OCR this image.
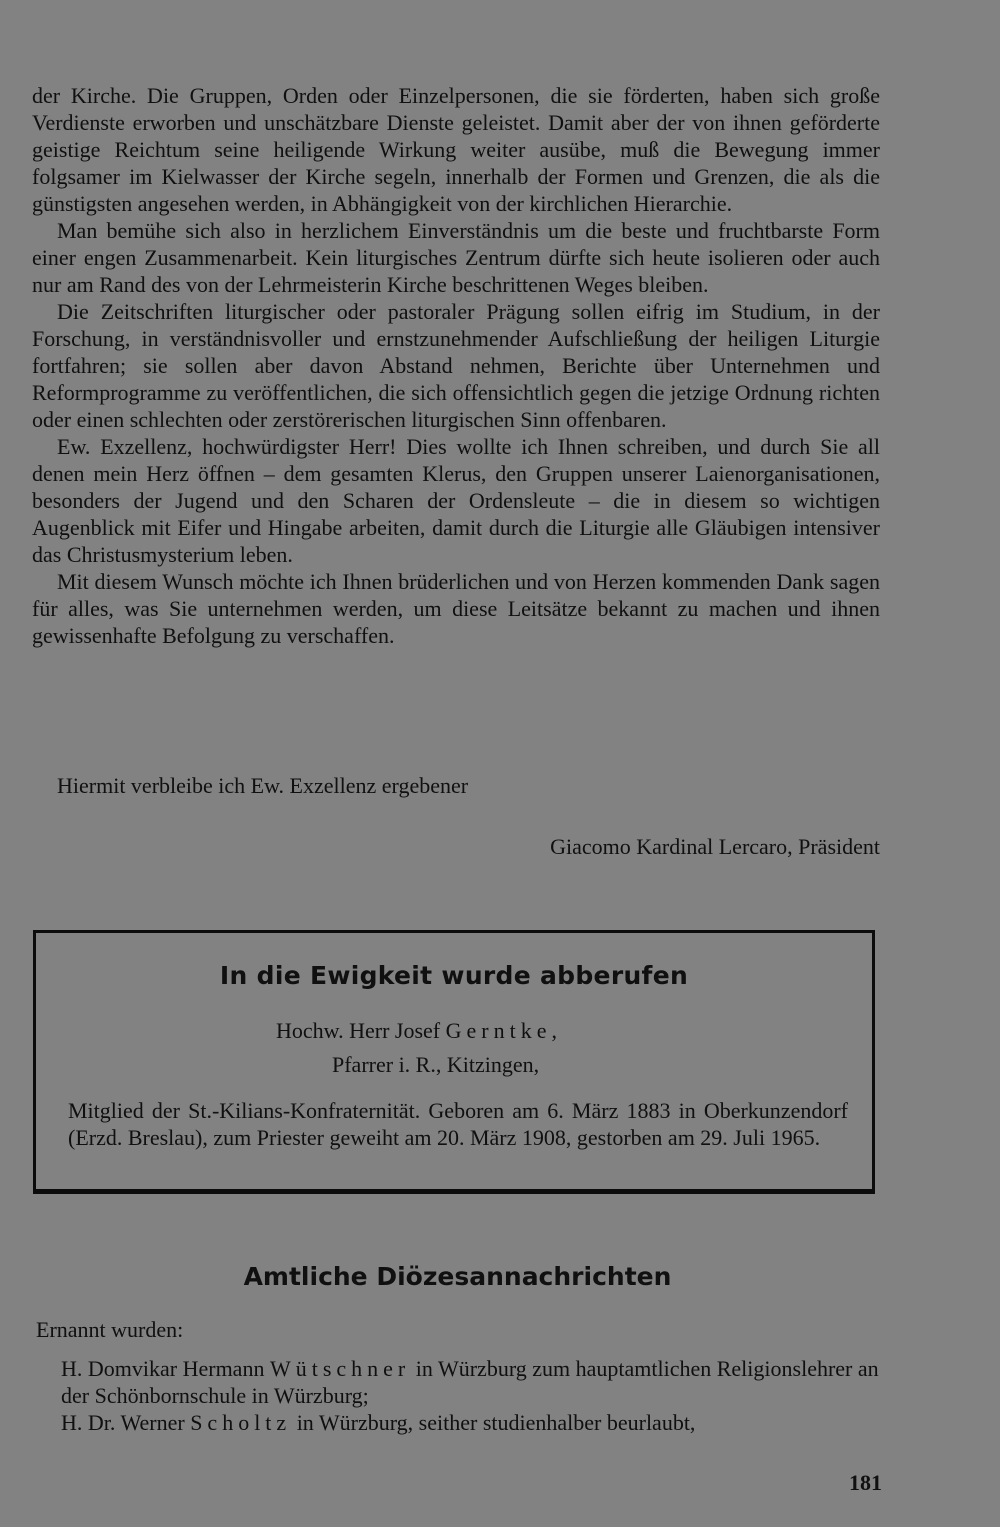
der Kirche. Die Gruppen, Orden oder Einzelpersonen, die sie förderten, haben sich große Verdienste erworben und unschätzbare Dienste geleistet. Damit aber der von ihnen geförderte geistige Reichtum seine heiligende Wirkung weiter ausübe, muß die Bewegung immer folgsamer im Kielwasser der Kirche segeln, innerhalb der Formen und Grenzen, die als die günstigsten angesehen werden, in Abhängigkeit von der kirchlichen Hierarchie.

Man bemühe sich also in herzlichem Einverständnis um die beste und fruchtbarste Form einer engen Zusammenarbeit. Kein liturgisches Zentrum dürfte sich heute isolieren oder auch nur am Rand des von der Lehrmeisterin Kirche beschrittenen Weges bleiben.

Die Zeitschriften liturgischer oder pastoraler Prägung sollen eifrig im Studium, in der Forschung, in verständnisvoller und ernstzunehmender Aufschließung der heiligen Liturgie fortfahren; sie sollen aber davon Abstand nehmen, Berichte über Unternehmen und Reformprogramme zu veröffentlichen, die sich offensichtlich gegen die jetzige Ordnung richten oder einen schlechten oder zerstörerischen liturgischen Sinn offenbaren.

Ew. Exzellenz, hochwürdigster Herr! Dies wollte ich Ihnen schreiben, und durch Sie all denen mein Herz öffnen – dem gesamten Klerus, den Gruppen unserer Laienorganisationen, besonders der Jugend und den Scharen der Ordensleute – die in diesem so wichtigen Augenblick mit Eifer und Hingabe arbeiten, damit durch die Liturgie alle Gläubigen intensiver das Christusmysterium leben.

Mit diesem Wunsch möchte ich Ihnen brüderlichen und von Herzen kommenden Dank sagen für alles, was Sie unternehmen werden, um diese Leitsätze bekannt zu machen und ihnen gewissenhafte Befolgung zu verschaffen.

Hiermit verbleibe ich Ew. Exzellenz ergebener
Giacomo Kardinal Lercaro, Präsident
In die Ewigkeit wurde abberufen
Hochw. Herr Josef Gerntke,
Pfarrer i. R., Kitzingen,
Mitglied der St.-Kilians-Konfraternität. Geboren am 6. März 1883 in Oberkunzendorf (Erzd. Breslau), zum Priester geweiht am 20. März 1908, gestorben am 29. Juli 1965.
Amtliche Diözesannachrichten
Ernannt wurden:

H. Domvikar Hermann Wütschner in Würzburg zum hauptamtlichen Religionslehrer an der Schönbornschule in Würzburg;

H. Dr. Werner Scholtz in Würzburg, seither studienhalber beurlaubt,

181
